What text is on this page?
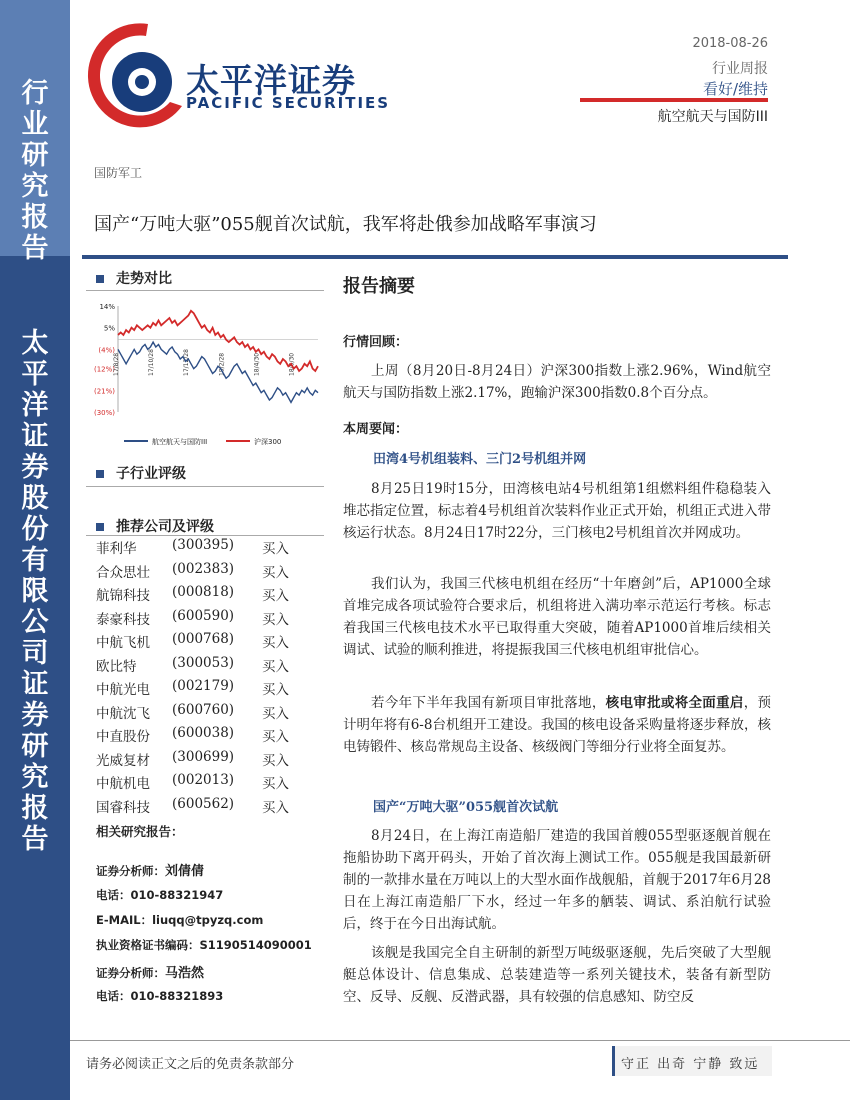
行
业
研
究
报
告
太
平
洋
证
券
股
份
有
限
公
司
证
券
研
究
报
告
太平洋证券
PACIFIC SECURITIES
2018-08-26
行业周报
看好/维持
航空航天与国防III
国防军工
国产“万吨大驱”055舰首次试航，我军将赴俄参加战略军事演习
走势对比
14%
5%
(4%)
(12%)
(21%)
(30%)
17/8/28	17/10/28	17/12/28	18/2/28	18/4/30	18/6/30
航空航天与国防III	沪深300
子行业评级
推荐公司及评级
菲利华	(300395)	买入
合众思壮	(002383)	买入
航锦科技	(000818)	买入
泰豪科技	(600590)	买入
中航飞机	(000768)	买入
欧比特	(300053)	买入
中航光电	(002179)	买入
中航沈飞	(600760)	买入
中直股份	(600038)	买入
光威复材	(300699)	买入
中航机电	(002013)	买入
国睿科技	(600562)	买入
相关研究报告：
证券分析师：刘倩倩
电话：010-88321947
E-MAIL：liuqq@tpyzq.com
执业资格证书编码：S1190514090001
证券分析师：马浩然
电话：010-88321893
报告摘要
行情回顾：
上周（8月20日-8月24日）沪深300指数上涨2.96%，Wind航空航天与国防指数上涨2.17%，跑输沪深300指数0.8个百分点。
本周要闻：
田湾4号机组装料、三门2号机组并网
8月25日19时15分，田湾核电站4号机组第1组燃料组件稳稳装入堆芯指定位置，标志着4号机组首次装料作业正式开始，机组正式进入带核运行状态。8月24日17时22分，三门核电2号机组首次并网成功。
我们认为，我国三代核电机组在经历“十年磨剑”后，AP1000全球首堆完成各项试验符合要求后，机组将进入满功率示范运行考核。标志着我国三代核电技术水平已取得重大突破，随着AP1000首堆后续相关调试、试验的顺利推进，将提振我国三代核电机组审批信心。
若今年下半年我国有新项目审批落地，核电审批或将全面重启，预计明年将有6-8台机组开工建设。我国的核电设备采购量将逐步释放，核电铸锻件、核岛常规岛主设备、核级阀门等细分行业将全面复苏。
国产“万吨大驱”055舰首次试航
8月24日，在上海江南造船厂建造的我国首艘055型驱逐舰首舰在拖船协助下离开码头，开始了首次海上测试工作。055舰是我国最新研制的一款排水量在万吨以上的大型水面作战舰船，首舰于2017年6月28日在上海江南造船厂下水，经过一年多的舾装、调试、系泊航行试验后，终于在今日出海试航。
该舰是我国完全自主研制的新型万吨级驱逐舰，先后突破了大型舰艇总体设计、信息集成、总装建造等一系列关键技术，装备有新型防空、反导、反舰、反潜武器，具有较强的信息感知、防空反
请务必阅读正文之后的免责条款部分	守正 出奇 宁静 致远
